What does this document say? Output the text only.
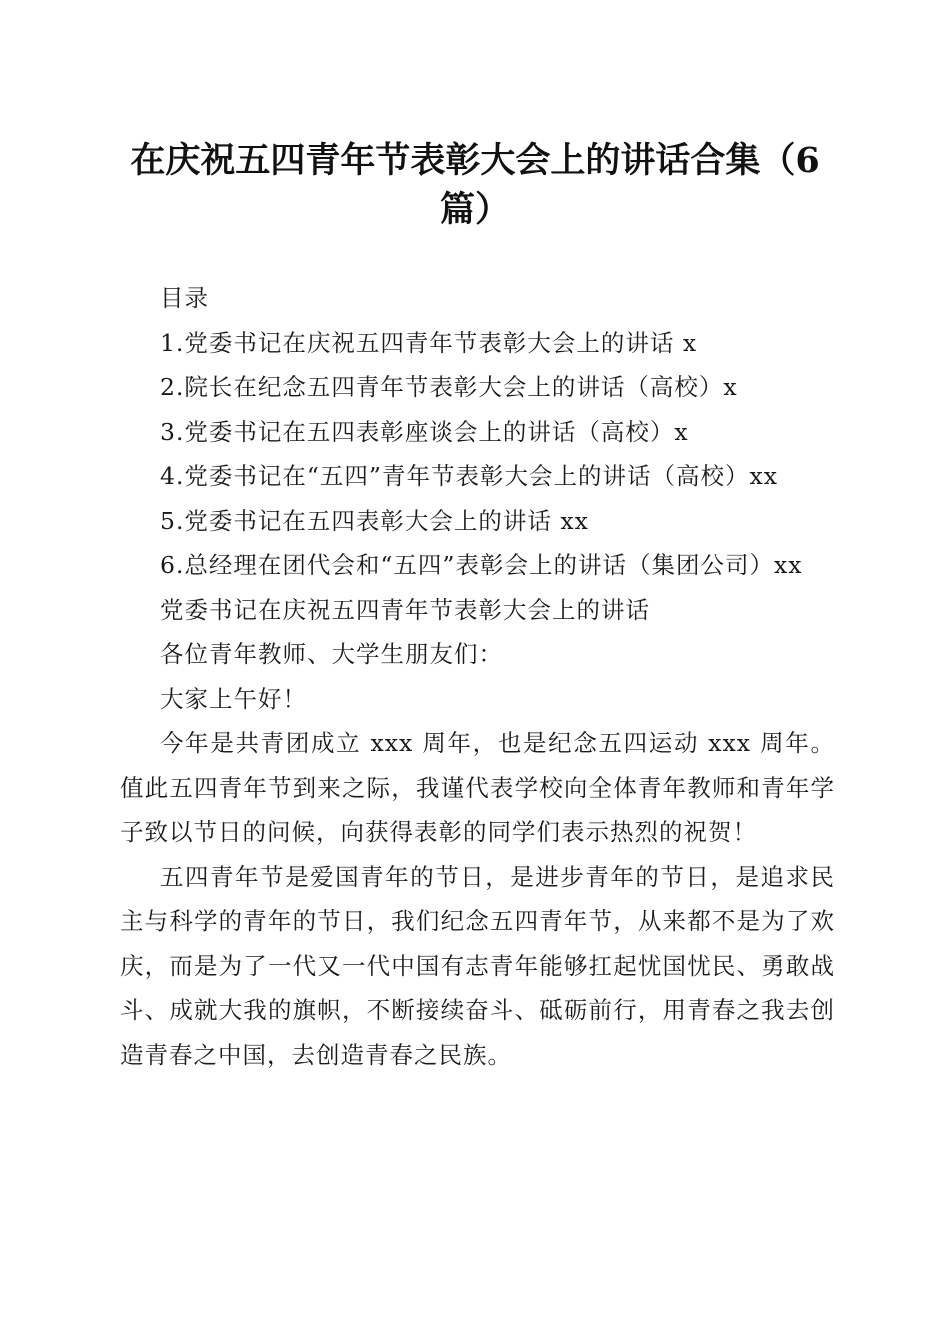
在庆祝五四青年节表彰大会上的讲话合集（6篇）

目录

1.党委书记在庆祝五四青年节表彰大会上的讲话 x

2.院长在纪念五四青年节表彰大会上的讲话（高校）x

3.党委书记在五四表彰座谈会上的讲话（高校）x

4.党委书记在“五四”青年节表彰大会上的讲话（高校）xx

5.党委书记在五四表彰大会上的讲话 xx

6.总经理在团代会和“五四”表彰会上的讲话（集团公司）xx

党委书记在庆祝五四青年节表彰大会上的讲话

各位青年教师、大学生朋友们：

大家上午好！

今年是共青团成立 xxx 周年，也是纪念五四运动 xxx 周年。值此五四青年节到来之际，我谨代表学校向全体青年教师和青年学子致以节日的问候，向获得表彰的同学们表示热烈的祝贺！

五四青年节是爱国青年的节日，是进步青年的节日，是追求民主与科学的青年的节日，我们纪念五四青年节，从来都不是为了欢庆，而是为了一代又一代中国有志青年能够扛起忧国忧民、勇敢战斗、成就大我的旗帜，不断接续奋斗、砥砺前行，用青春之我去创造青春之中国，去创造青春之民族。
